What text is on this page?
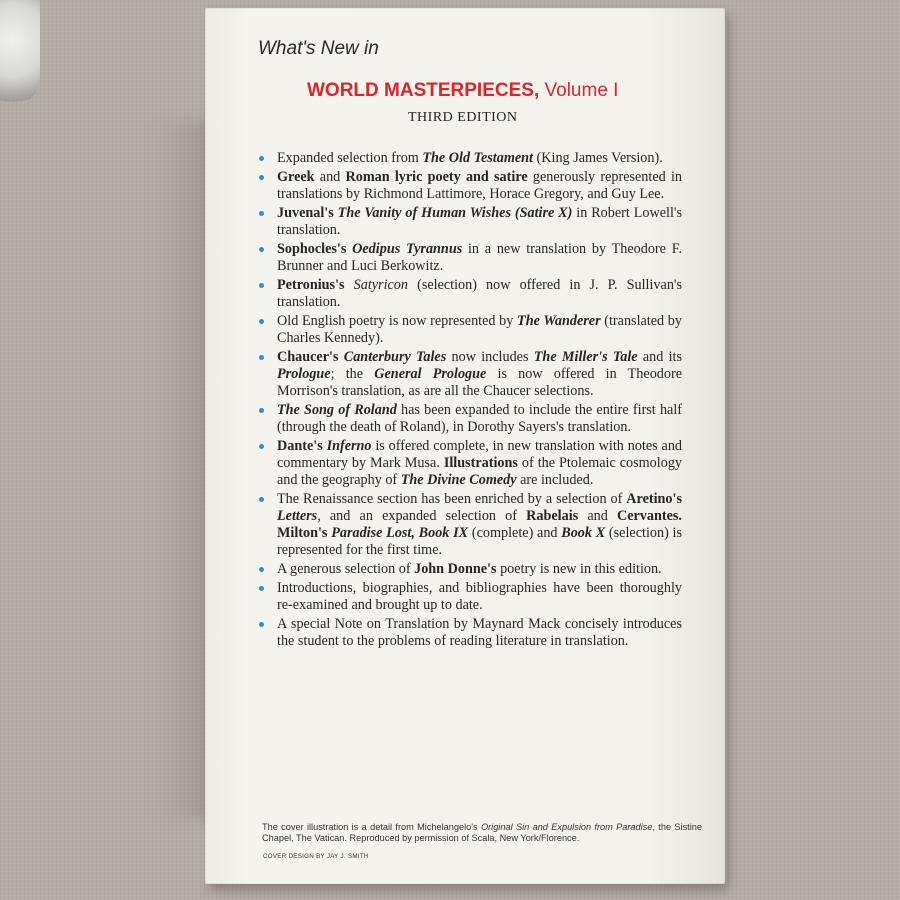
What's New in
WORLD MASTERPIECES, Volume I
THIRD EDITION
Expanded selection from The Old Testament (King James Version).
Greek and Roman lyric poety and satire generously represented in translations by Richmond Lattimore, Horace Gregory, and Guy Lee.
Juvenal's The Vanity of Human Wishes (Satire X) in Robert Lowell's translation.
Sophocles's Oedipus Tyrannus in a new translation by Theodore F. Brunner and Luci Berkowitz.
Petronius's Satyricon (selection) now offered in J. P. Sullivan's translation.
Old English poetry is now represented by The Wanderer (translated by Charles Kennedy).
Chaucer's Canterbury Tales now includes The Miller's Tale and its Prologue; the General Prologue is now offered in Theodore Morrison's translation, as are all the Chaucer selections.
The Song of Roland has been expanded to include the entire first half (through the death of Roland), in Dorothy Sayers's translation.
Dante's Inferno is offered complete, in new translation with notes and commentary by Mark Musa. Illustrations of the Ptolemaic cosmology and the geography of The Divine Comedy are included.
The Renaissance section has been enriched by a selection of Aretino's Letters, and an expanded selection of Rabelais and Cervantes. Milton's Paradise Lost, Book IX (complete) and Book X (selection) is represented for the first time.
A generous selection of John Donne's poetry is new in this edition.
Introductions, biographies, and bibliographies have been thoroughly re-examined and brought up to date.
A special Note on Translation by Maynard Mack concisely introduces the student to the problems of reading literature in translation.
The cover illustration is a detail from Michelangelo's Original Sin and Expulsion from Paradise, the Sistine Chapel, The Vatican. Reproduced by permission of Scala, New York/Florence.
COVER DESIGN BY JAY J. SMITH
